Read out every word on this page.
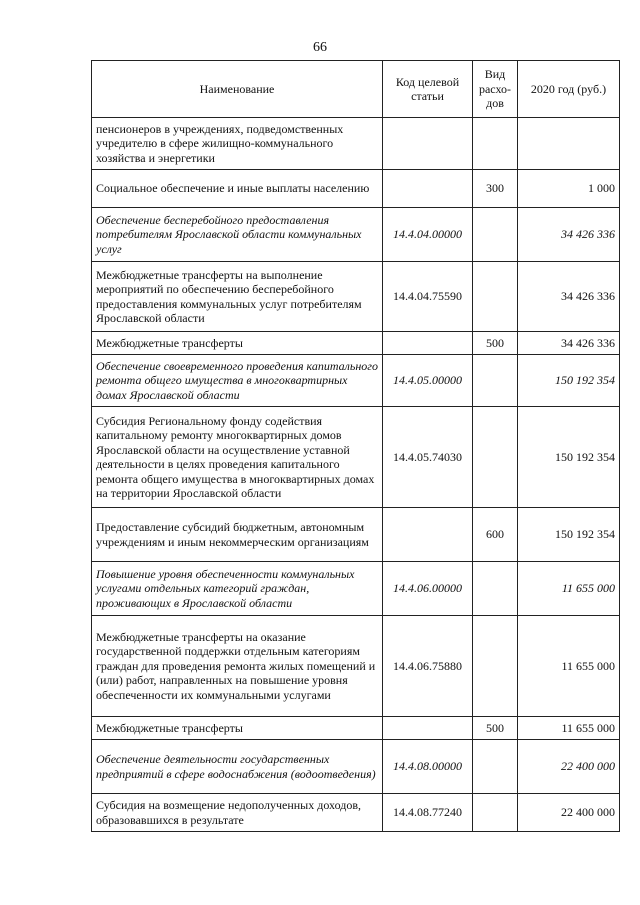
66
Наименование	Код целевой статьи	Вид расхо-дов	2020 год (руб.)
пенсионеров в учреждениях, подведомственных учредителю в сфере жилищно-коммунального хозяйства и энергетики			
Социальное обеспечение и иные выплаты населению		300	1 000
Обеспечение бесперебойного предоставления потребителям Ярославской области коммунальных услуг	14.4.04.00000		34 426 336
Межбюджетные трансферты на выполнение мероприятий по обеспечению бесперебойного предоставления коммунальных услуг потребителям Ярославской области	14.4.04.75590		34 426 336
Межбюджетные трансферты		500	34 426 336
Обеспечение своевременного проведения капитального ремонта общего имущества в многоквартирных домах Ярославской области	14.4.05.00000		150 192 354
Субсидия Региональному фонду содействия капитальному ремонту многоквартирных домов Ярославской области на осуществление уставной деятельности в целях проведения капитального ремонта общего имущества в многоквартирных домах на территории Ярославской области	14.4.05.74030		150 192 354
Предоставление субсидий бюджетным, автономным учреждениям и иным некоммерческим организациям		600	150 192 354
Повышение уровня обеспеченности коммунальных услугами отдельных категорий граждан, проживающих в Ярославской области	14.4.06.00000		11 655 000
Межбюджетные трансферты на оказание государственной поддержки отдельным категориям граждан для проведения ремонта жилых помещений и (или) работ, направленных на повышение уровня обеспеченности их коммунальными услугами	14.4.06.75880		11 655 000
Межбюджетные трансферты		500	11 655 000
Обеспечение деятельности государственных предприятий в сфере водоснабжения (водоотведения)	14.4.08.00000		22 400 000
Субсидия на возмещение недополученных доходов, образовавшихся в результате	14.4.08.77240		22 400 000
